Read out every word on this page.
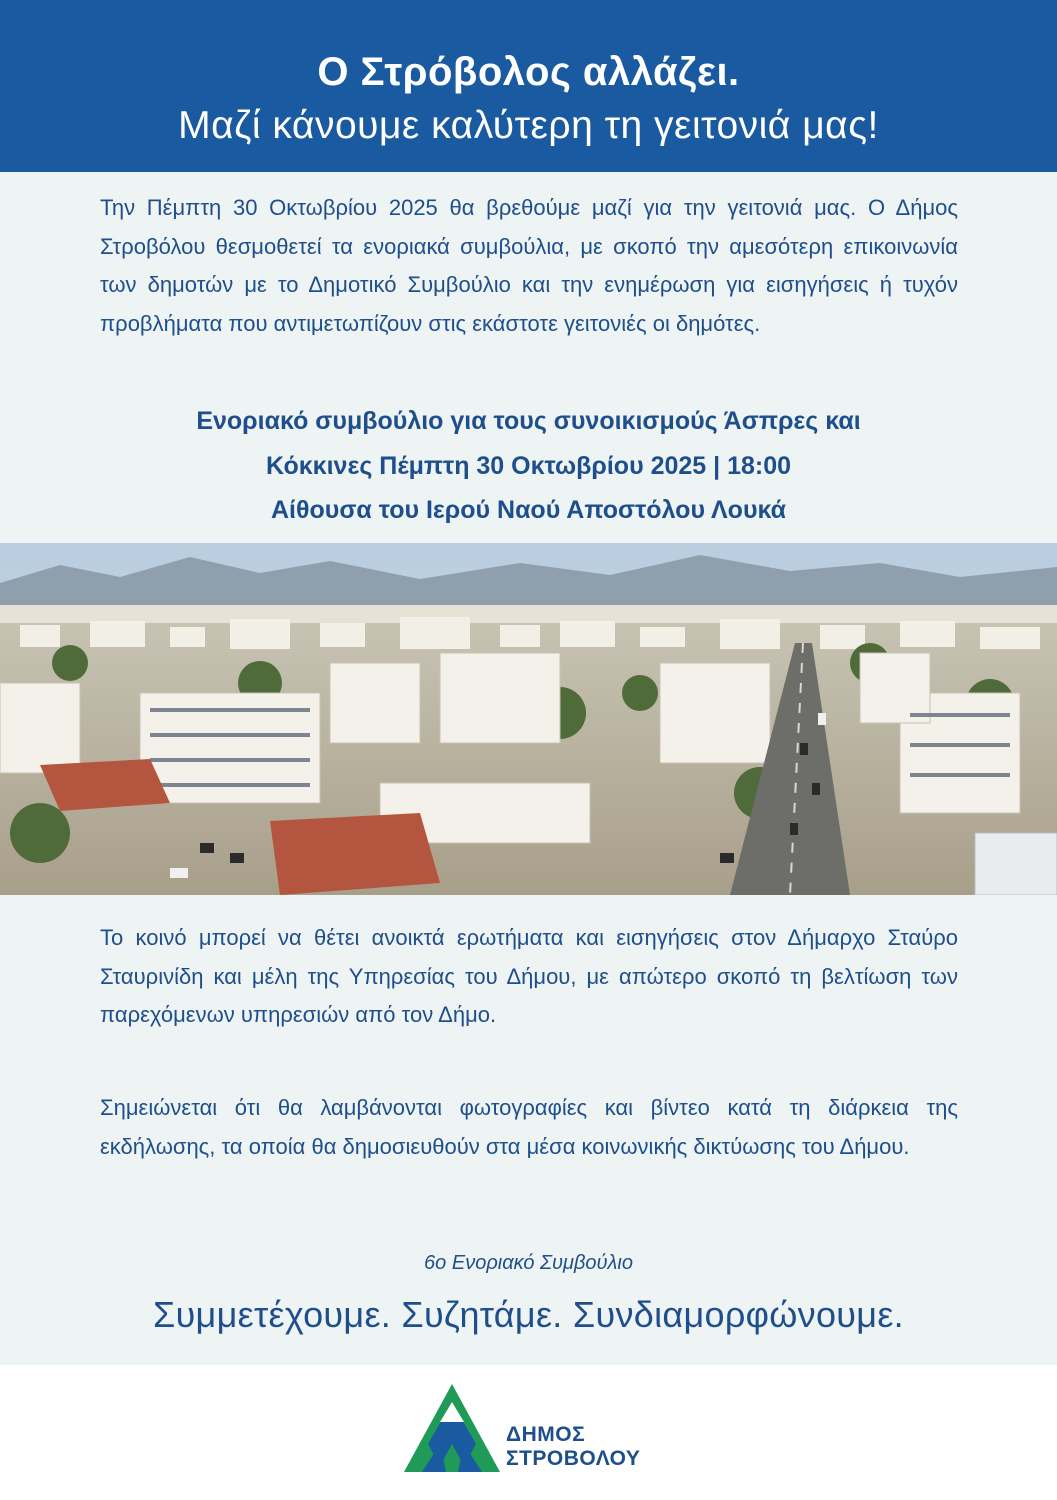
Ο Στρόβολος αλλάζει.
Μαζί κάνουμε καλύτερη τη γειτονιά μας!
Την Πέμπτη 30 Οκτωβρίου 2025 θα βρεθούμε μαζί για την γειτονιά μας. Ο Δήμος Στροβόλου θεσμοθετεί τα ενοριακά συμβούλια, με σκοπό την αμεσότερη επικοινωνία των δημοτών με το Δημοτικό Συμβούλιο και την ενημέρωση για εισηγήσεις ή τυχόν προβλήματα που αντιμετωπίζουν στις εκάστοτε γειτονιές οι δημότες.
Ενοριακό συμβούλιο για τους συνοικισμούς Άσπρες και
Κόκκινες Πέμπτη 30 Οκτωβρίου 2025 | 18:00
Αίθουσα του Ιερού Ναού Αποστόλου Λουκά
Το κοινό μπορεί να θέτει ανοικτά ερωτήματα και εισηγήσεις στον Δήμαρχο Σταύρο Σταυρινίδη και μέλη της Υπηρεσίας του Δήμου, με απώτερο σκοπό τη βελτίωση των παρεχόμενων υπηρεσιών από τον Δήμο.
Σημειώνεται ότι θα λαμβάνονται φωτογραφίες και βίντεο κατά τη διάρκεια της εκδήλωσης, τα οποία θα δημοσιευθούν στα μέσα κοινωνικής δικτύωσης του Δήμου.
6ο Ενοριακό Συμβούλιο
Συμμετέχουμε. Συζητάμε. Συνδιαμορφώνουμε.
ΔΗΜΟΣ
ΣΤΡΟΒΟΛΟΥ
